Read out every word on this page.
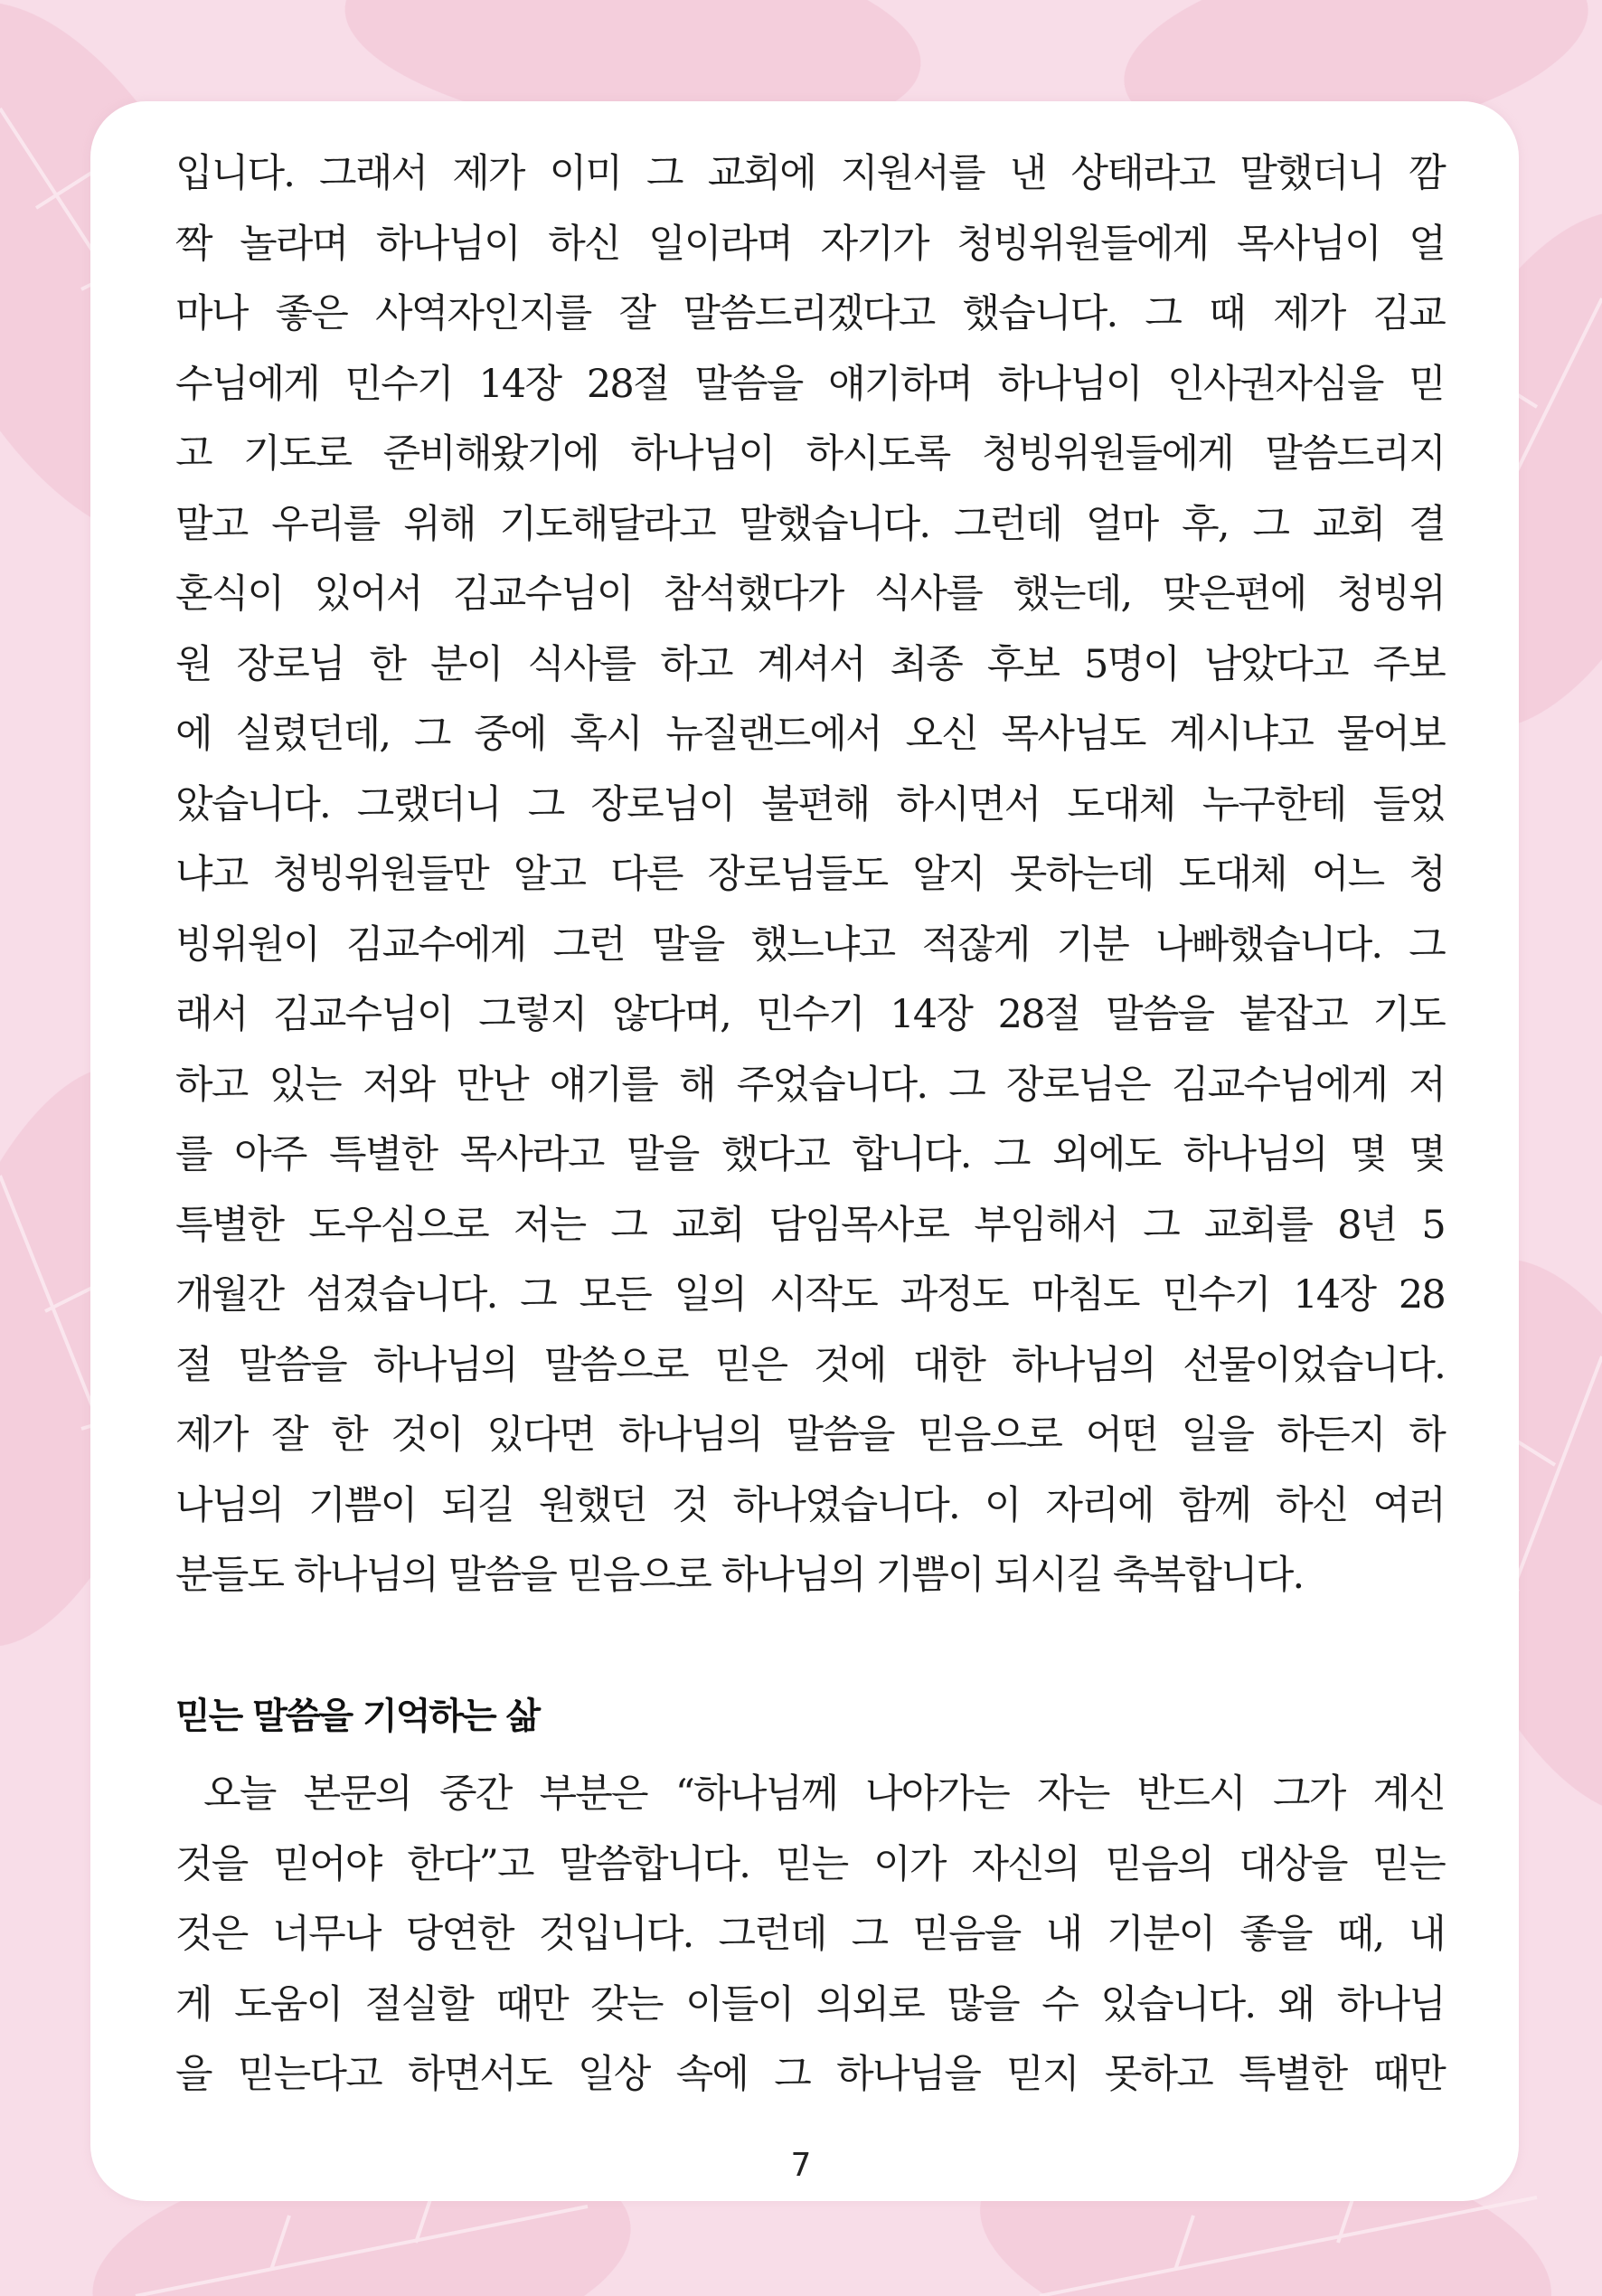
입니다. 그래서 제가 이미 그 교회에 지원서를 낸 상태라고 말했더니 깜
짝 놀라며 하나님이 하신 일이라며 자기가 청빙위원들에게 목사님이 얼
마나 좋은 사역자인지를 잘 말씀드리겠다고 했습니다. 그 때 제가 김교
수님에게 민수기 14장 28절 말씀을 얘기하며 하나님이 인사권자심을 믿
고 기도로 준비해왔기에 하나님이 하시도록 청빙위원들에게 말씀드리지
말고 우리를 위해 기도해달라고 말했습니다. 그런데 얼마 후, 그 교회 결
혼식이 있어서 김교수님이 참석했다가 식사를 했는데, 맞은편에 청빙위
원 장로님 한 분이 식사를 하고 계셔서 최종 후보 5명이 남았다고 주보
에 실렸던데, 그 중에 혹시 뉴질랜드에서 오신 목사님도 계시냐고 물어보
았습니다. 그랬더니 그 장로님이 불편해 하시면서 도대체 누구한테 들었
냐고 청빙위원들만 알고 다른 장로님들도 알지 못하는데 도대체 어느 청
빙위원이 김교수에게 그런 말을 했느냐고 적잖게 기분 나빠했습니다. 그
래서 김교수님이 그렇지 않다며, 민수기 14장 28절 말씀을 붙잡고 기도
하고 있는 저와 만난 얘기를 해 주었습니다. 그 장로님은 김교수님에게 저
를 아주 특별한 목사라고 말을 했다고 합니다. 그 외에도 하나님의 몇 몇
특별한 도우심으로 저는 그 교회 담임목사로 부임해서 그 교회를 8년 5
개월간 섬겼습니다. 그 모든 일의 시작도 과정도 마침도 민수기 14장 28
절 말씀을 하나님의 말씀으로 믿은 것에 대한 하나님의 선물이었습니다.
제가 잘 한 것이 있다면 하나님의 말씀을 믿음으로 어떤 일을 하든지 하
나님의 기쁨이 되길 원했던 것 하나였습니다. 이 자리에 함께 하신 여러
분들도 하나님의 말씀을 믿음으로 하나님의 기쁨이 되시길 축복합니다.
믿는 말씀을 기억하는 삶
오늘 본문의 중간 부분은 “하나님께 나아가는 자는 반드시 그가 계신
것을 믿어야 한다”고 말씀합니다. 믿는 이가 자신의 믿음의 대상을 믿는
것은 너무나 당연한 것입니다. 그런데 그 믿음을 내 기분이 좋을 때, 내
게 도움이 절실할 때만 갖는 이들이 의외로 많을 수 있습니다. 왜 하나님
을 믿는다고 하면서도 일상 속에 그 하나님을 믿지 못하고 특별한 때만
7
